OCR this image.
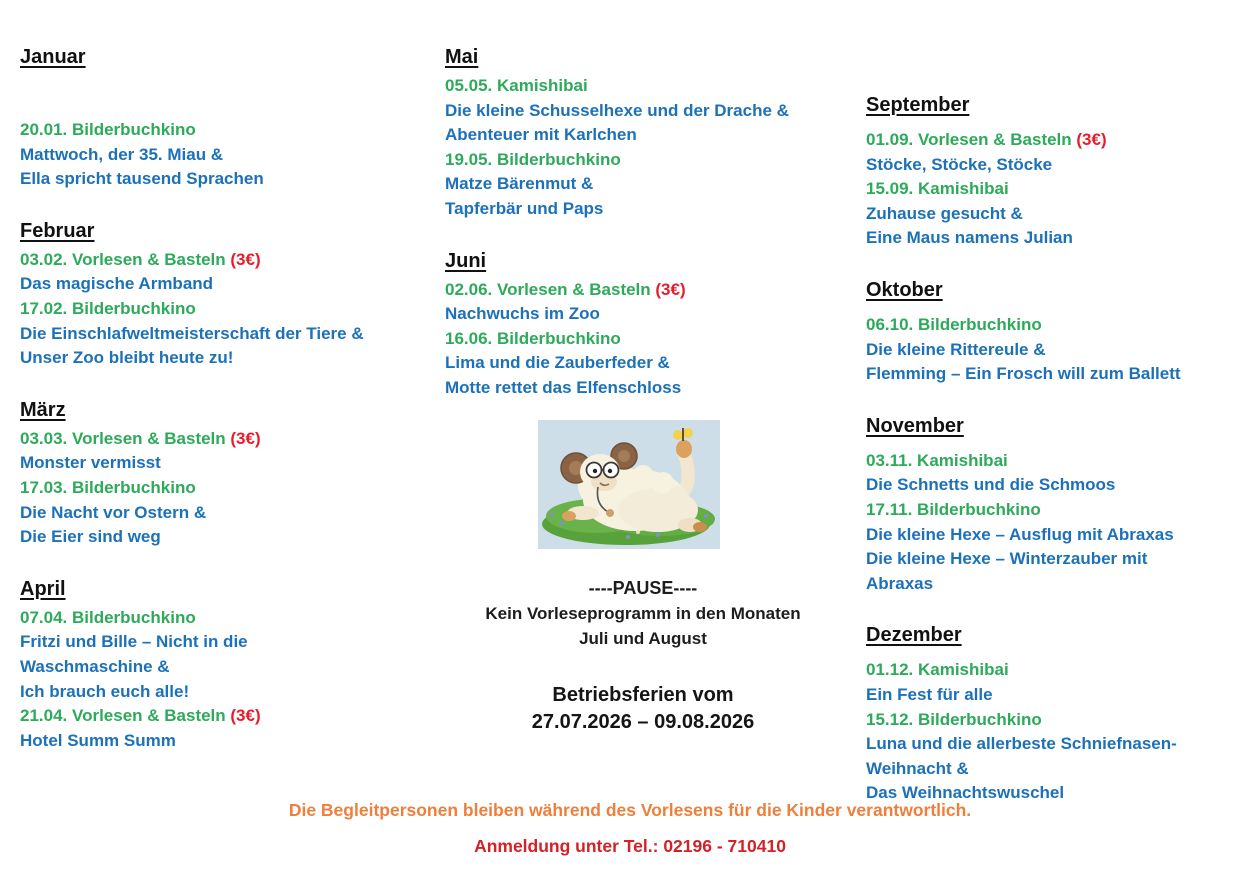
Januar
20.01. Bilderbuchkino
Mattwoch, der 35. Miau &
Ella spricht tausend Sprachen
Februar
03.02. Vorlesen & Basteln (3€)
Das magische Armband
17.02. Bilderbuchkino
Die Einschlafweltmeisterschaft der Tiere &
Unser Zoo bleibt heute zu!
März
03.03. Vorlesen & Basteln (3€)
Monster vermisst
17.03. Bilderbuchkino
Die Nacht vor Ostern &
Die Eier sind weg
April
07.04. Bilderbuchkino
Fritzi und Bille – Nicht in die
Waschmaschine &
Ich brauch euch alle!
21.04. Vorlesen & Basteln (3€)
Hotel Summ Summ
Mai
05.05. Kamishibai
Die kleine Schusselhexe und der Drache &
Abenteuer mit Karlchen
19.05. Bilderbuchkino
Matze Bärenmut &
Tapferbär und Paps
Juni
02.06. Vorlesen & Basteln (3€)
Nachwuchs im Zoo
16.06. Bilderbuchkino
Lima und die Zauberfeder &
Motte rettet das Elfenschloss
September
01.09. Vorlesen & Basteln (3€)
Stöcke, Stöcke, Stöcke
15.09. Kamishibai
Zuhause gesucht &
Eine Maus namens Julian
Oktober
06.10. Bilderbuchkino
Die kleine Rittereule &
Flemming – Ein Frosch will zum Ballett
November
03.11. Kamishibai
Die Schnetts und die Schmoos
17.11. Bilderbuchkino
Die kleine Hexe – Ausflug mit Abraxas
Die kleine Hexe – Winterzauber mit
Abraxas
Dezember
01.12. Kamishibai
Ein Fest für alle
15.12. Bilderbuchkino
Luna und die allerbeste Schniefnasen-
Weihnacht &
Das Weihnachtswuschel
----PAUSE----
Kein Vorleseprogramm in den Monaten
Juli und August
Betriebsferien vom
27.07.2026 – 09.08.2026
Die Begleitpersonen bleiben während des Vorlesens für die Kinder verantwortlich.
Anmeldung unter Tel.: 02196 - 710410
